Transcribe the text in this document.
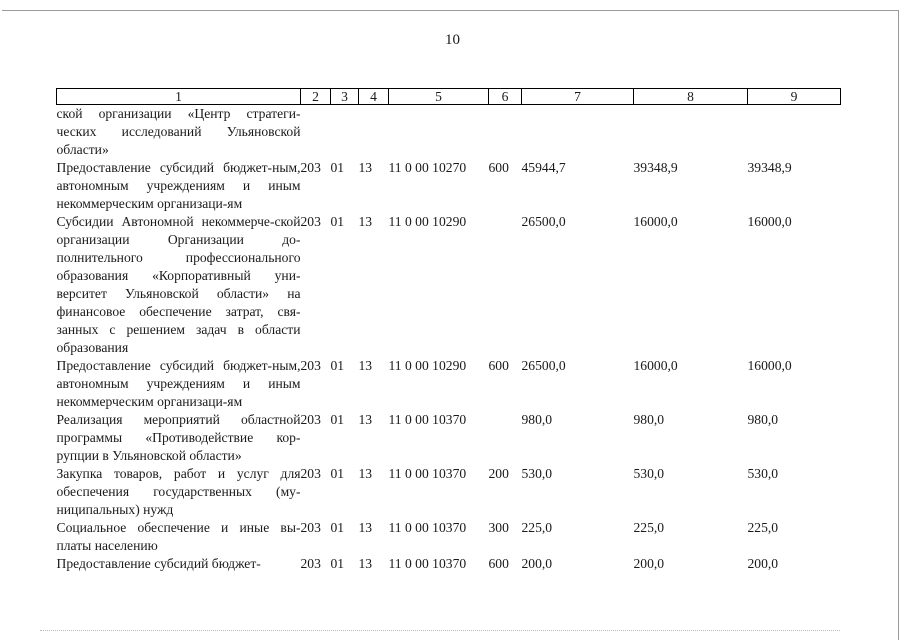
10
1	2	3	4	5	6	7	8	9
ской организации «Центр стратеги-ческих исследований Ульяновской области»								
Предоставление субсидий бюджет-ным, автономным учреждениям и иным некоммерческим организаци-ям	203	01	13	11 0 00 10270	600	45944,7	39348,9	39348,9
Субсидии Автономной некоммерче-ской организации Организации до-полнительного профессионального образования «Корпоративный уни-верситет Ульяновской области» на финансовое обеспечение затрат, свя-занных с решением задач в области образования	203	01	13	11 0 00 10290		26500,0	16000,0	16000,0
Предоставление субсидий бюджет-ным, автономным учреждениям и иным некоммерческим организаци-ям	203	01	13	11 0 00 10290	600	26500,0	16000,0	16000,0
Реализация мероприятий областной программы «Противодействие кор-рупции в Ульяновской области»	203	01	13	11 0 00 10370		980,0	980,0	980,0
Закупка товаров, работ и услуг для обеспечения государственных (му-ниципальных) нужд	203	01	13	11 0 00 10370	200	530,0	530,0	530,0
Социальное обеспечение и иные вы-платы населению	203	01	13	11 0 00 10370	300	225,0	225,0	225,0
Предоставление субсидий бюджет-	203	01	13	11 0 00 10370	600	200,0	200,0	200,0
